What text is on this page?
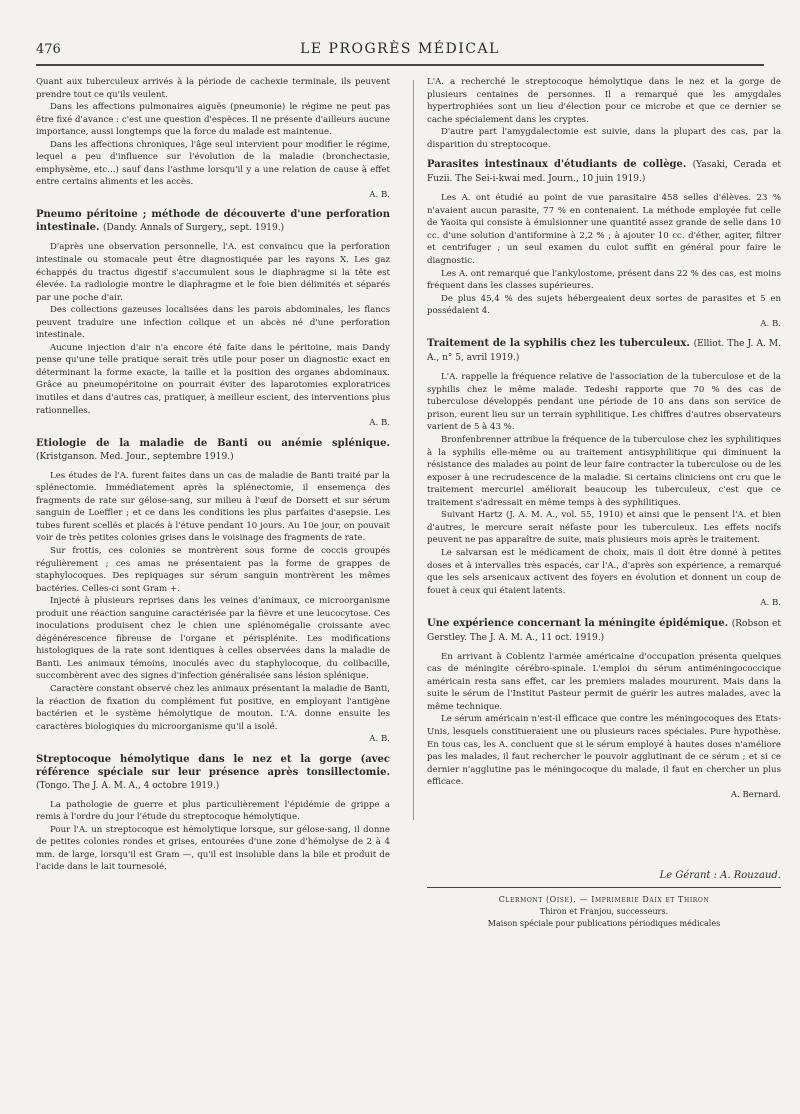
476	LE PROGRÈS MÉDICAL

Quant aux tuberculeux arrivés à la période de cachexie terminale, ils peuvent prendre tout ce qu'ils veulent.

Dans les affections pulmonaires aiguës (pneumonie) le régime ne peut pas être fixé d'avance : c'est une question d'espèces. Il ne présente d'ailleurs aucune importance, aussi longtemps que la force du malade est maintenue.

Dans les affections chroniques, l'âge seul intervient pour modifier le régime, lequel a peu d'influence sur l'évolution de la maladie (bronchectasie, emphysème, etc...) sauf dans l'asthme lorsqu'il y a une relation de cause à effet entre certains aliments et les accès.

A. B.

Pneumo péritoine ; méthode de découverte d'une perforation intestinale. (Dandy. Annals of Surgery,, sept. 1919.)

D'après une observation personnelle, l'A. est convaincu que la perforation intestinale ou stomacale peut être diagnostiquée par les rayons X. Les gaz échappés du tractus digestif s'accumulent sous le diaphragme si la tête est élevée. La radiologie montre le diaphragme et le foie bien délimités et séparés par une poche d'air.

Des collections gazeuses localisées dans les parois abdominales, les flancs peuvent traduire une infection colique et un abcès né d'une perforation intestinale.

Aucune injection d'air n'a encore été faite dans le péritoine, mais Dandy pense qu'une telle pratique serait très utile pour poser un diagnostic exact en déterminant la forme exacte, la taille et la position des organes abdominaux. Grâce au pneumopéritoine on pourrait éviter des laparotomies exploratrices inutiles et dans d'autres cas, pratiquer, à meilleur escient, des interventions plus rationnelles.

A. B.

Etiologie de la maladie de Banti ou anémie splénique. (Kristganson. Med. Jour., septembre 1919.)

Les études de l'A. furent faites dans un cas de maladie de Banti traité par la splénectomie. Immédiatement après la splénectomie, il ensemença des fragments de rate sur gélose-sang, sur milieu à l'œuf de Dorsett et sur sérum sanguin de Loeffler ; et ce dans les conditions les plus parfaites d'asepsie. Les tubes furent scellés et placés à l'étuve pendant 10 jours. Au 10e jour, on pouvait voir de très petites colonies grises dans le voisinage des fragments de rate.

Sur frottis, ces colonies se montrèrent sous forme de coccis groupés régulièrement ; ces amas ne présentaient pas la forme de grappes de staphylocoques. Des repiquages sur sérum sanguin montrèrent les mêmes bactéries. Celles-ci sont Gram +.

Injecté à plusieurs reprises dans les veines d'animaux, ce microorganisme produit une réaction sanguine caractérisée par la fièvre et une leucocytose. Ces inoculations produisent chez le chien une splénomégalie croissante avec dégénérescence fibreuse de l'organe et périsplénite. Les modifications histologiques de la rate sont identiques à celles observées dans la maladie de Banti. Les animaux témoins, inoculés avec du staphylocoque, du colibacille, succombèrent avec des signes d'infection généralisée sans lésion splénique.

Caractère constant observé chez les animaux présentant la maladie de Banti, la réaction de fixation du complément fut positive, en employant l'antigène bactérien et le système hémolytique de mouton. L'A. donne ensuite les caractères biologiques du microorganisme qu'il a isolé.

A. B.

Streptocoque hémolytique dans le nez et la gorge (avec référence spéciale sur leur présence après tonsillectomie. (Tongo. The J. A. M. A., 4 octobre 1919.)

La pathologie de guerre et plus particulièrement l'épidémie de grippe a remis à l'ordre du jour l'étude du streptocoque hémolytique.

Pour l'A. un streptocoque est hémolytique lorsque, sur gélose-sang, il donne de petites colonies rondes et grises, entourées d'une zone d'hémolyse de 2 à 4 mm. de large, lorsqu'il est Gram —, qu'il est insoluble dans la bile et produit de l'acide dans le lait tournesolé.

L'A. a recherché le streptocoque hémolytique dans le nez et la gorge de plusieurs centaines de personnes. Il a remarqué que les amygdales hypertrophiées sont un lieu d'élection pour ce microbe et que ce dernier se cache spécialement dans les cryptes.

D'autre part l'amygdalectomie est suivie, dans la plupart des cas, par la disparition du streptocoque.

Parasites intestinaux d'étudiants de collège. (Yasaki, Cerada et Fuzii. The Sei-i-kwai med. Journ., 10 juin 1919.)

Les A. ont étudié au point de vue parasitaire 458 selles d'élèves. 23 % n'avaient aucun parasite, 77 % en contenaient. La méthode employée fut celle de Yaoita qui consiste à émulsionner une quantité assez grande de selle dans 10 cc. d'une solution d'antiformine à 2,2 % ; à ajouter 10 cc. d'éther, agiter, filtrer et centrifuger ; un seul examen du culot suffit en général pour faire le diagnostic.

Les A. ont remarqué que l'ankylostome, présent dans 22 % des cas, est moins fréquent dans les classes supérieures.

De plus 45,4 % des sujets hébergeaient deux sortes de parasites et 5 en possédaient 4.

A. B.

Traitement de la syphilis chez les tuberculeux. (Elliot. The J. A. M. A., n° 5, avril 1919.)

L'A. rappelle la fréquence relative de l'association de la tuberculose et de la syphilis chez le même malade. Tedeshi rapporte que 70 % des cas de tuberculose développés pendant une période de 10 ans dans son service de prison, eurent lieu sur un terrain syphilitique. Les chiffres d'autres observateurs varient de 5 à 43 %.

Bronfenbrenner attribue la fréquence de la tuberculose chez les syphilitiques à la syphilis elle-même ou au traitement antisyphilitique qui diminuent la résistance des malades au point de leur faire contracter la tuberculose ou de les exposer à une recrudescence de la maladie. Si certains cliniciens ont cru que le traitement mercuriel améliorait beaucoup les tuberculeux, c'est que ce traitement s'adressait en même temps à des syphilitiques.

Suivant Hartz (J. A. M. A., vol. 55, 1910) et ainsi que le pensent l'A. et bien d'autres, le mercure serait néfaste pour les tuberculeux. Les effets nocifs peuvent ne pas apparaître de suite, mais plusieurs mois après le traitement.

Le salvarsan est le médicament de choix, mais il doit être donné à petites doses et à intervalles très espacés, car l'A., d'après son expérience, a remarqué que les sels arsenicaux activent des foyers en évolution et donnent un coup de fouet à ceux qui étaient latents.

A. B.

Une expérience concernant la méningite épidémique. (Robson et Gerstley. The J. A. M. A., 11 oct. 1919.)

En arrivant à Coblentz l'armée américaine d'occupation présenta quelques cas de méningite cérébro-spinale. L'emploi du sérum antiméningococcique américain resta sans effet, car les premiers malades moururent. Mais dans la suite le sérum de l'Institut Pasteur permit de guérir les autres malades, avec la même technique.

Le sérum américain n'est-il efficace que contre les méningocoques des Etats-Unis, lesquels constitueraient une ou plusieurs races spéciales. Pure hypothèse. En tous cas, les A. concluent que si le sérum employé à hautes doses n'améliore pas les malades, il faut rechercher le pouvoir agglutinant de ce sérum ; et si ce dernier n'agglutine pas le méningocoque du malade, il faut en chercher un plus efficace.

A. Bernard.

Le Gérant : A. Rouzaud.
Clermont (Oise). — Imprimerie Daix et Thiron
Thiron et Franjou, successeurs.
Maison spéciale pour publications périodiques médicales
